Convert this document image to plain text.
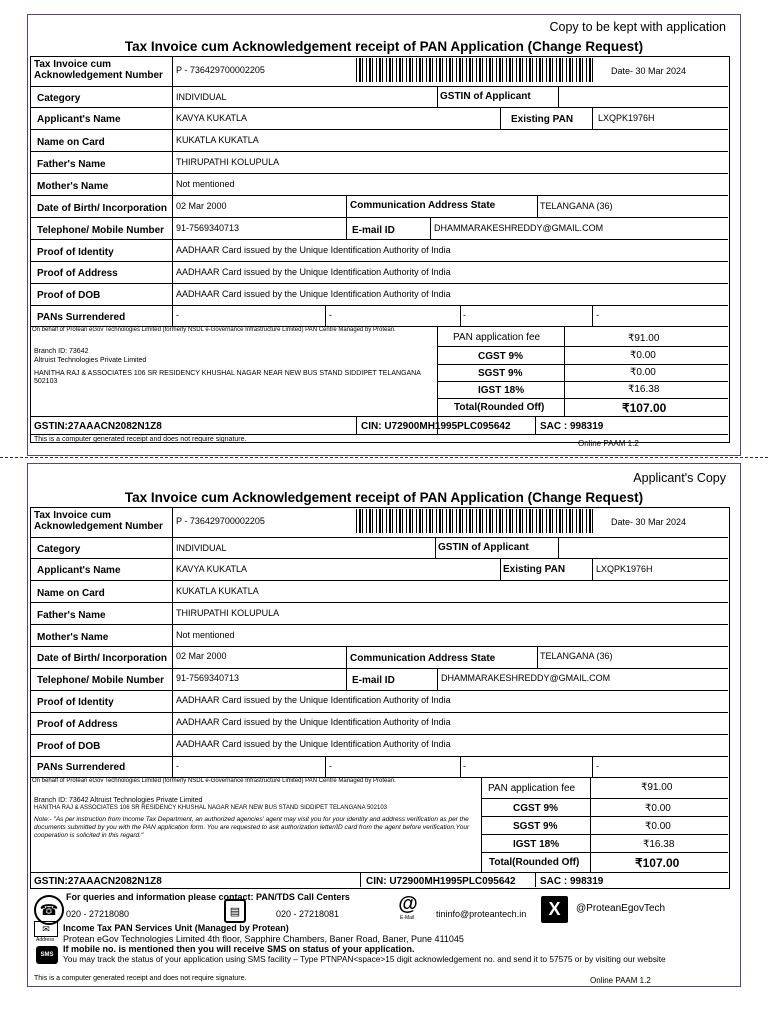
Copy to be kept with application
Tax Invoice cum Acknowledgement receipt of PAN Application (Change Request)
Tax Invoice cum Acknowledgement Number	P - 736429700002205	Date- 30 Mar 2024
Category	INDIVIDUAL	GSTIN of Applicant
Applicant's Name	KAVYA KUKATLA	Existing PAN	LXQPK1976H
Name on Card	KUKATLA KUKATLA
Father's Name	THIRUPATHI KOLUPULA
Mother's Name	Not mentioned
Date of Birth/ Incorporation 02 Mar 2000	Communication Address State	TELANGANA (36)
Telephone/ Mobile Number 91-7569340713	E-mail ID	DHAMMARAKESHREDDY@GMAIL.COM
Proof of Identity	AADHAAR Card issued by the Unique Identification Authority of India
Proof of Address	AADHAAR Card issued by the Unique Identification Authority of India
Proof of DOB	AADHAAR Card issued by the Unique Identification Authority of India
PANs Surrendered	-	-	-	-
On behalf of Protean eGov Technologies Limited (formerly NSDL e-Governance Infrastructure Limited) PAN Centre Managed by Protean.
Branch ID: 73642
Altruist Technologies Private Limited
HANITHA RAJ & ASSOCIATES 106 SR RESIDENCY KHUSHAL NAGAR NEAR NEW BUS STAND SIDDIPET TELANGANA 502103
PAN application fee	₹91.00
CGST 9%	₹0.00
SGST 9%	₹0.00
IGST 18%	₹16.38
Total(Rounded Off)	₹107.00
GSTIN:27AAACN2082N1Z8	CIN: U72900MH1995PLC095642	SAC : 998319
This is a computer generated receipt and does not require signature.	Online PAAM 1.2
Applicant's Copy
Tax Invoice cum Acknowledgement receipt of PAN Application (Change Request)
Tax Invoice cum Acknowledgement Number	P - 736429700002205	Date- 30 Mar 2024
Category	INDIVIDUAL	GSTIN of Applicant
Applicant's Name	KAVYA KUKATLA	Existing PAN	LXQPK1976H
Name on Card	KUKATLA KUKATLA
Father's Name	THIRUPATHI KOLUPULA
Mother's Name	Not mentioned
Date of Birth/ Incorporation 02 Mar 2000	Communication Address State	TELANGANA (36)
Telephone/ Mobile Number 91-7569340713	E-mail ID	DHAMMARAKESHREDDY@GMAIL.COM
Proof of Identity	AADHAAR Card issued by the Unique Identification Authority of India
Proof of Address	AADHAAR Card issued by the Unique Identification Authority of India
Proof of DOB	AADHAAR Card issued by the Unique Identification Authority of India
PANs Surrendered	-	-	-	-
On behalf of Protean eGov Technologies Limited (formerly NSDL e-Governance Infrastructure Limited) PAN Centre Managed by Protean.
Branch ID: 73642 Altruist Technologies Private Limited
HANITHA RAJ & ASSOCIATES 106 SR RESIDENCY KHUSHAL NAGAR NEAR NEW BUS STAND SIDDIPET TELANGANA 502103
Note:- "As per instruction from Income Tax Department, an authorized agencies' agent may visit you for your identity and address verification as per the documents submitted by you with the PAN application form. You are requested to ask authorization letter/ID card from the agent before verification.Your cooperation is solicited in this regard."
PAN application fee	₹91.00
CGST 9%	₹0.00
SGST 9%	₹0.00
IGST 18%	₹16.38
Total(Rounded Off)	₹107.00
GSTIN:27AAACN2082N1Z8	CIN: U72900MH1995PLC095642 SAC : 998319
For queries and information please contact: PAN/TDS Call Centers
☎ 020 - 27218080	▤	020 - 27218081	@
E-Mail tininfo@proteantech.in	X	@ProteanEgovTech
✉
Address
Income Tax PAN Services Unit (Managed by Protean)
Protean eGov Technologies Limited 4th floor, Sapphire Chambers, Baner Road, Baner, Pune 411045
If mobile no. is mentioned then you will receive SMS on status of your application.
SMS	You may track the status of your application using SMS facility – Type PTNPAN<space>15 digit acknowledgement no. and send it to 57575 or by visiting our website
This is a computer generated receipt and does not require signature.	Online PAAM 1.2
